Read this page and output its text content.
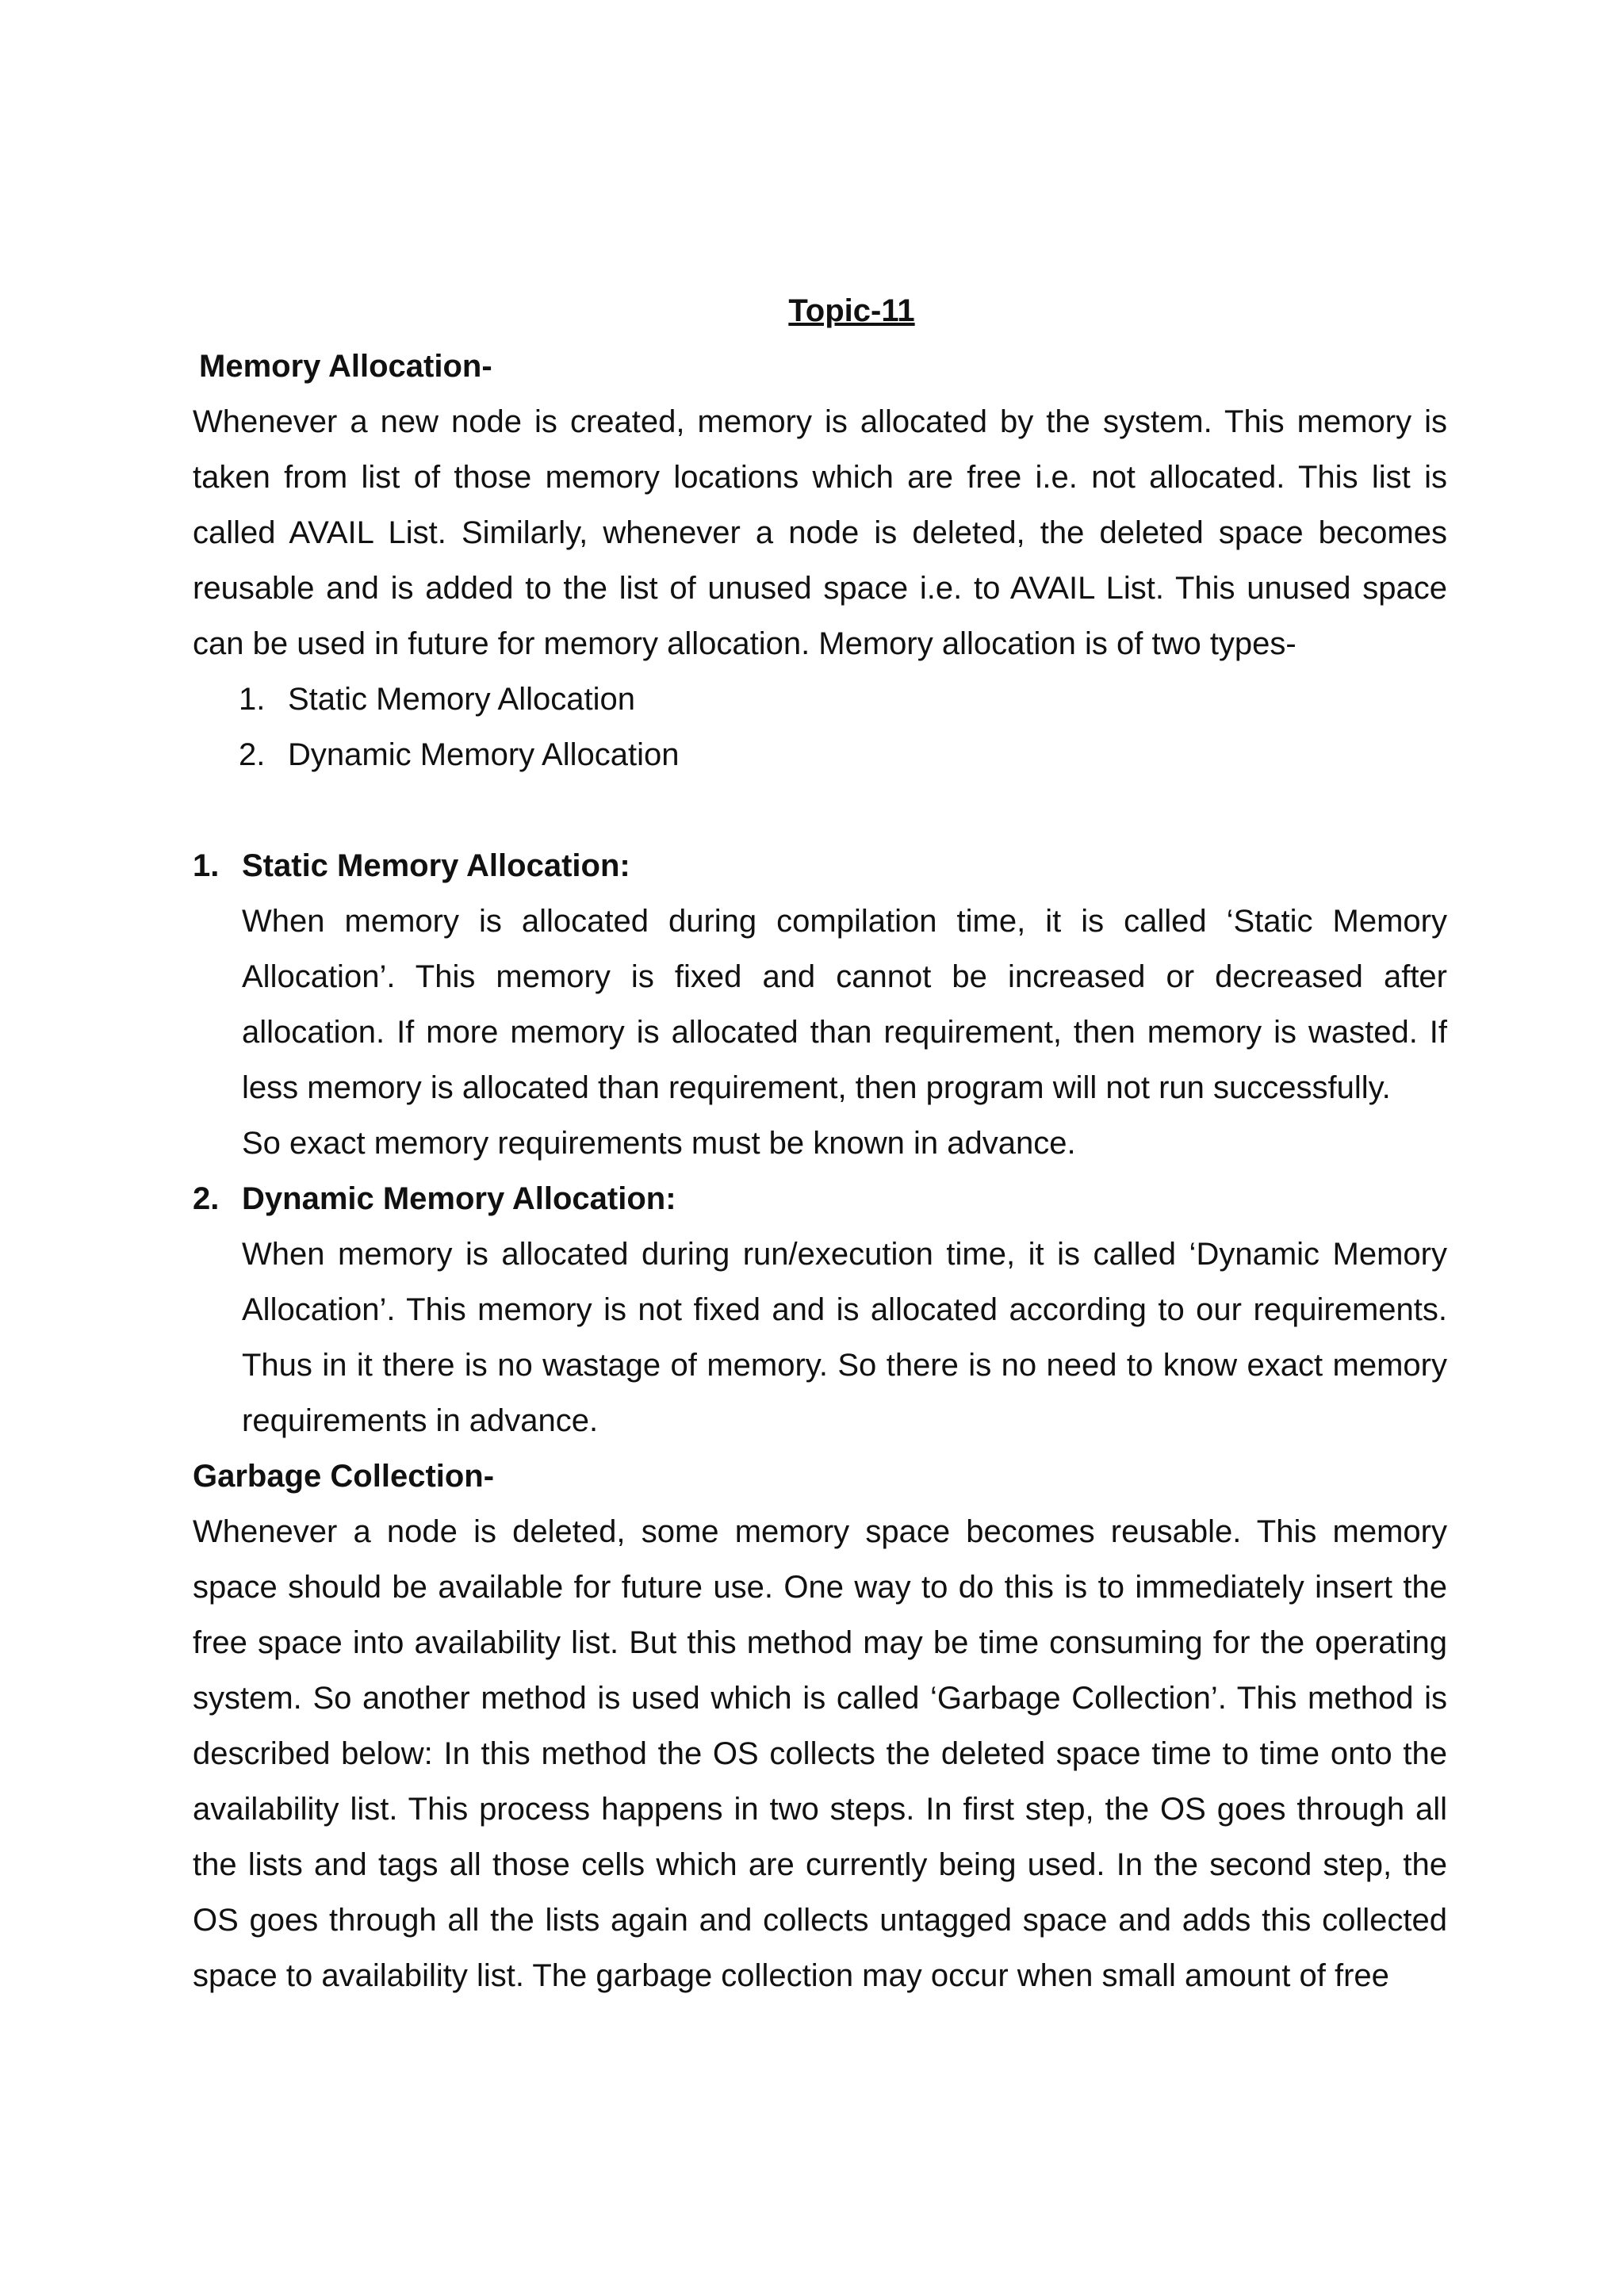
Topic-11
Memory Allocation-

Whenever a new node is created, memory is allocated by the system. This memory is taken from list of those memory locations which are free i.e. not allocated. This list is called AVAIL List. Similarly, whenever a node is deleted, the deleted space becomes reusable and is added to the list of unused space i.e. to AVAIL List. This unused space can be used in future for memory allocation. Memory allocation is of two types-

1. Static Memory Allocation
2. Dynamic Memory Allocation
1. Static Memory Allocation:

When memory is allocated during compilation time, it is called ‘Static Memory Allocation’. This memory is fixed and cannot be increased or decreased after allocation. If more memory is allocated than requirement, then memory is wasted. If less memory is allocated than requirement, then program will not run successfully.

So exact memory requirements must be known in advance.

2. Dynamic Memory Allocation:

When memory is allocated during run/execution time, it is called ‘Dynamic Memory Allocation’. This memory is not fixed and is allocated according to our requirements. Thus in it there is no wastage of memory. So there is no need to know exact memory requirements in advance.

Garbage Collection-

Whenever a node is deleted, some memory space becomes reusable. This memory space should be available for future use. One way to do this is to immediately insert the free space into availability list. But this method may be time consuming for the operating system. So another method is used which is called ‘Garbage Collection’. This method is described below: In this method the OS collects the deleted space time to time onto the availability list. This process happens in two steps. In first step, the OS goes through all the lists and tags all those cells which are currently being used. In the second step, the OS goes through all the lists again and collects untagged space and adds this collected space to availability list. The garbage collection may occur when small amount of free
